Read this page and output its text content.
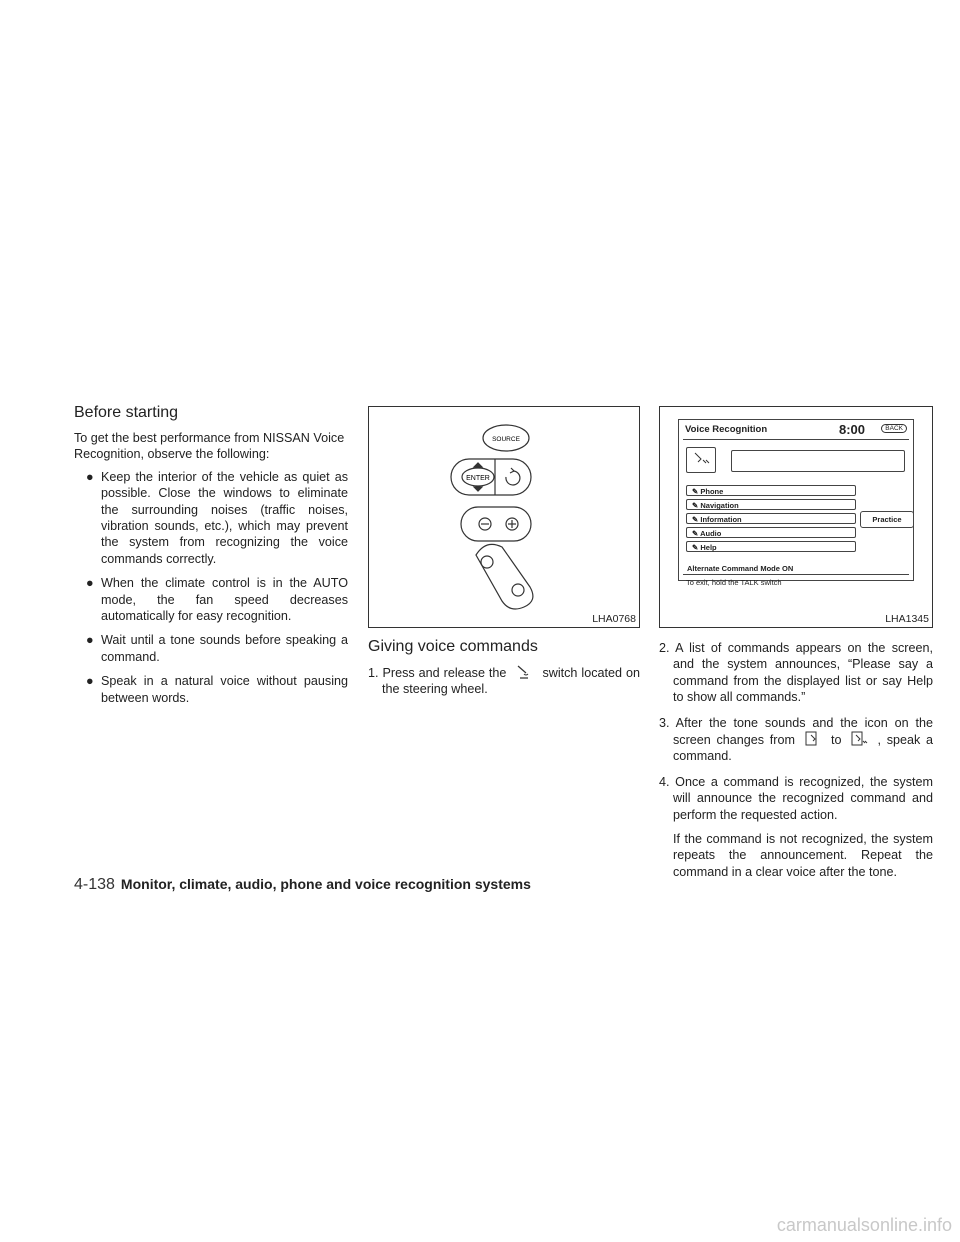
Before starting

To get the best performance from NISSAN Voice Recognition, observe the following:

● Keep the interior of the vehicle as quiet as possible. Close the windows to eliminate the surrounding noises (traffic noises, vibration sounds, etc.), which may prevent the system from recognizing the voice commands correctly.
● When the climate control is in the AUTO mode, the fan speed decreases automatically for easy recognition.
● Wait until a tone sounds before speaking a command.
● Speak in a natural voice without pausing between words.
SOURCE
ENTER
LHA0768
Giving voice commands
1. Press and release the	switch located on the steering wheel.
Voice Recognition	8:00	BACK
✎ Phone
✎ Navigation
✎ Information
✎ Audio
✎ Help
Practice
Alternate Command Mode ON
To exit, hold the TALK switch
LHA1345
2. A list of commands appears on the screen, and the system announces, “Please say a command from the displayed list or say Help to show all commands.”
3. After the tone sounds and the icon on the screen changes from	to	, speak a command.
4. Once a command is recognized, the system will announce the recognized command and perform the requested action.

If the command is not recognized, the system repeats the announcement. Repeat the command in a clear voice after the tone.

4-138 Monitor, climate, audio, phone and voice recognition systems
carmanualsonline.info
